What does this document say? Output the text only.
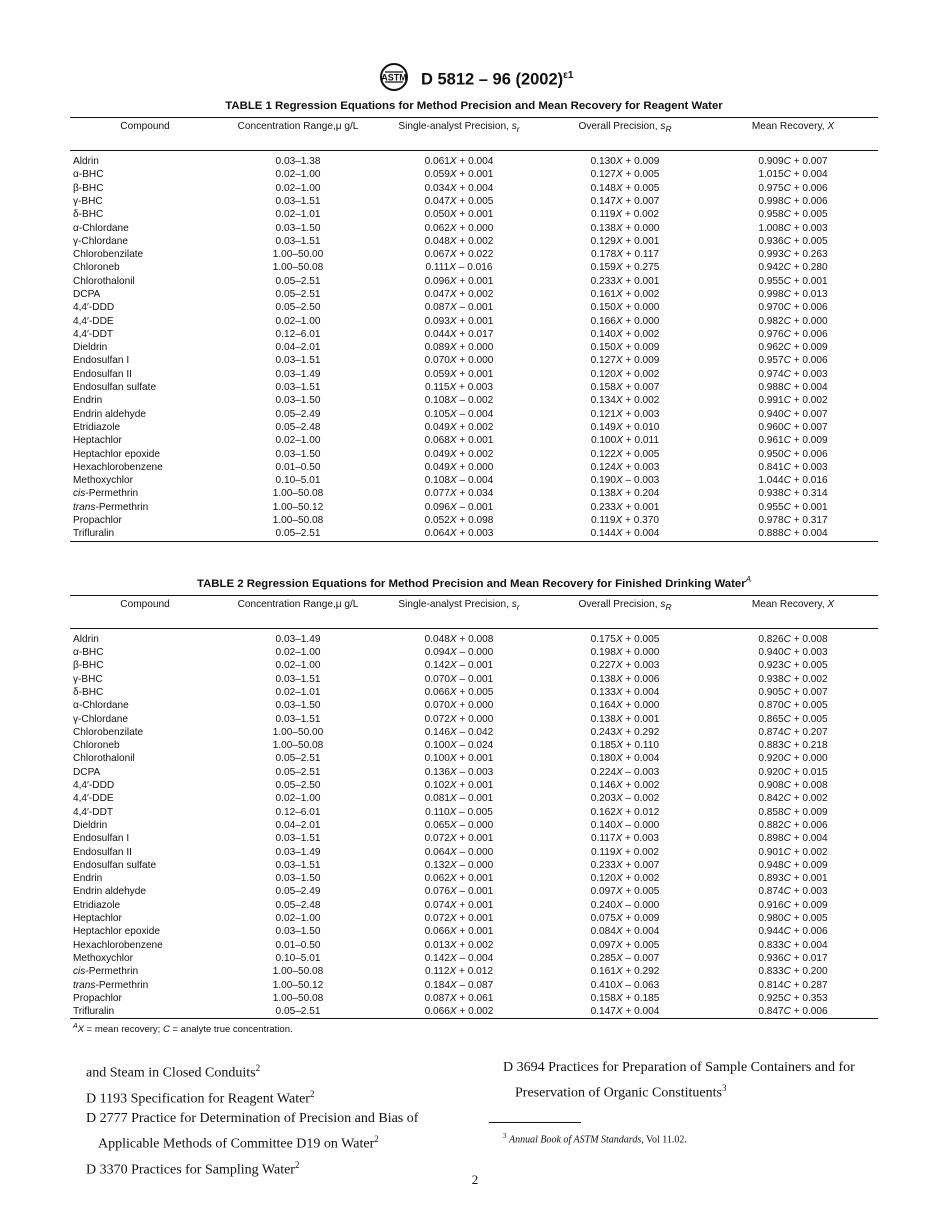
ASTM D 5812 – 96 $(2002)^{\varepsilon 1}$
TABLE 1 Regression Equations for Method Precision and Mean Recovery for Reagent Water
Compound	Concentration Range,μ g/L	Single-analyst Precision, $s_r$	Overall Precision, $s_R$	Mean Recovery, X
Aldrin	0.03–1.38	0.061X + 0.004	0.130X + 0.009	0.909C + 0.007
α-BHC	0.02–1.00	0.059X + 0.001	0.127X + 0.005	1.015C + 0.004
β-BHC	0.02–1.00	0.034X + 0.004	0.148X + 0.005	0.975C + 0.006
γ-BHC	0.03–1.51	0.047X + 0.005	0.147X + 0.007	0.998C + 0.006
δ-BHC	0.02–1.01	0.050X + 0.001	0.119X + 0.002	0.958C + 0.005
α-Chlordane	0.03–1.50	0.062X + 0.000	0.138X + 0.000	1.008C + 0.003
γ-Chlordane	0.03–1.51	0.048X + 0.002	0.129X + 0.001	0.936C + 0.005
Chlorobenzilate	1.00–50.00	0.067X + 0.022	0.178X + 0.117	0.993C + 0.263
Chloroneb	1.00–50.08	0.111X – 0.016	0.159X + 0.275	0.942C + 0.280
Chlorothalonil	0.05–2.51	0.096X + 0.001	0.233X + 0.001	0.955C + 0.001
DCPA	0.05–2.51	0.047X + 0.002	0.161X + 0.002	0.998C + 0.013
4,4′-DDD	0.05–2.50	0.087X – 0.001	0.150X + 0.000	0.970C + 0.006
4,4′-DDE	0.02–1.00	0.093X + 0.001	0.166X + 0.000	0.982C + 0.000
4,4′-DDT	0.12–6.01	0.044X + 0.017	0.140X + 0.002	0.976C + 0.006
Dieldrin	0.04–2.01	0.089X + 0.000	0.150X + 0.009	0.962C + 0.009
Endosulfan I	0.03–1.51	0.070X + 0.000	0.127X + 0.009	0.957C + 0.006
Endosulfan II	0.03–1.49	0.059X + 0.001	0.120X + 0.002	0.974C + 0.003
Endosulfan sulfate	0.03–1.51	0.115X + 0.003	0.158X + 0.007	0.988C + 0.004
Endrin	0.03–1.50	0.108X – 0.002	0.134X + 0.002	0.991C + 0.002
Endrin aldehyde	0.05–2.49	0.105X – 0.004	0.121X + 0.003	0.940C + 0.007
Etridiazole	0.05–2.48	0.049X + 0.002	0.149X + 0.010	0.960C + 0.007
Heptachlor	0.02–1.00	0.068X + 0.001	0.100X + 0.011	0.961C + 0.009
Heptachlor epoxide	0.03–1.50	0.049X + 0.002	0.122X + 0.005	0.950C + 0.006
Hexachlorobenzene	0.01–0.50	0.049X + 0.000	0.124X + 0.003	0.841C + 0.003
Methoxychlor	0.10–5.01	0.108X – 0.004	0.190X – 0.003	1.044C + 0.016
cis-Permethrin	1.00–50.08	0.077X + 0.034	0.138X + 0.204	0.938C + 0.314
trans-Permethrin	1.00–50.12	0.096X – 0.001	0.233X + 0.001	0.955C + 0.001
Propachlor	1.00–50.08	0.052X + 0.098	0.119X + 0.370	0.978C + 0.317
Trifluralin	0.05–2.51	0.064X + 0.003	0.144X + 0.004	0.888C + 0.004
TABLE 2 Regression Equations for Method Precision and Mean Recovery for Finished Drinking Water$^A$
Compound	Concentration Range,μ g/L	Single-analyst Precision, $s_r$	Overall Precision, $s_R$	Mean Recovery, X
Aldrin	0.03–1.49	0.048X + 0.008	0.175X + 0.005	0.826C + 0.008
α-BHC	0.02–1.00	0.094X – 0.000	0.198X + 0.000	0.940C + 0.003
β-BHC	0.02–1.00	0.142X – 0.001	0.227X + 0.003	0.923C + 0.005
γ-BHC	0.03–1.51	0.070X – 0.001	0.138X + 0.006	0.938C + 0.002
δ-BHC	0.02–1.01	0.066X + 0.005	0.133X + 0.004	0.905C + 0.007
α-Chlordane	0.03–1.50	0.070X + 0.000	0.164X + 0.000	0.870C + 0.005
γ-Chlordane	0.03–1.51	0.072X + 0.000	0.138X + 0.001	0.865C + 0.005
Chlorobenzilate	1.00–50.00	0.146X – 0.042	0.243X + 0.292	0.874C + 0.207
Chloroneb	1.00–50.08	0.100X – 0.024	0.185X + 0.110	0.883C + 0.218
Chlorothalonil	0.05–2.51	0.100X + 0.001	0.180X + 0.004	0.920C + 0.000
DCPA	0.05–2.51	0.136X – 0.003	0.224X – 0.003	0.920C + 0.015
4,4′-DDD	0.05–2.50	0.102X + 0.001	0.146X + 0.002	0.908C + 0.008
4,4′-DDE	0.02–1.00	0.081X – 0.001	0.203X – 0.002	0.842C + 0.002
4,4′-DDT	0.12–6.01	0.110X – 0.005	0.162X + 0.012	0.858C + 0.009
Dieldrin	0.04–2.01	0.065X – 0.000	0.140X – 0.000	0.882C + 0.006
Endosulfan I	0.03–1.51	0.072X + 0.001	0.117X + 0.003	0.898C + 0.004
Endosulfan II	0.03–1.49	0.064X – 0.000	0.119X + 0.002	0.901C + 0.002
Endosulfan sulfate	0.03–1.51	0.132X – 0.000	0.233X + 0.007	0.948C + 0.009
Endrin	0.03–1.50	0.062X + 0.001	0.120X + 0.002	0.893C + 0.001
Endrin aldehyde	0.05–2.49	0.076X – 0.001	0.097X + 0.005	0.874C + 0.003
Etridiazole	0.05–2.48	0.074X + 0.001	0.240X – 0.000	0.916C + 0.009
Heptachlor	0.02–1.00	0.072X + 0.001	0.075X + 0.009	0.980C + 0.005
Heptachlor epoxide	0.03–1.50	0.066X + 0.001	0.084X + 0.004	0.944C + 0.006
Hexachlorobenzene	0.01–0.50	0.013X + 0.002	0.097X + 0.005	0.833C + 0.004
Methoxychlor	0.10–5.01	0.142X – 0.004	0.285X – 0.007	0.936C + 0.017
cis-Permethrin	1.00–50.08	0.112X + 0.012	0.161X + 0.292	0.833C + 0.200
trans-Permethrin	1.00–50.12	0.184X – 0.087	0.410X – 0.063	0.814C + 0.287
Propachlor	1.00–50.08	0.087X + 0.061	0.158X + 0.185	0.925C + 0.353
Trifluralin	0.05–2.51	0.066X + 0.002	0.147X + 0.004	0.847C + 0.006
$^A$X = mean recovery; C = analyte true concentration.
and Steam in Closed Conduits$^2$
D 1193 Specification for Reagent Water$^2$
D 2777 Practice for Determination of Precision and Bias of Applicable Methods of Committee D19 on Water$^2$
D 3370 Practices for Sampling Water$^2$
D 3694 Practices for Preparation of Sample Containers and for Preservation of Organic Constituents$^3$
$^3$ Annual Book of ASTM Standards, Vol 11.02.
2
